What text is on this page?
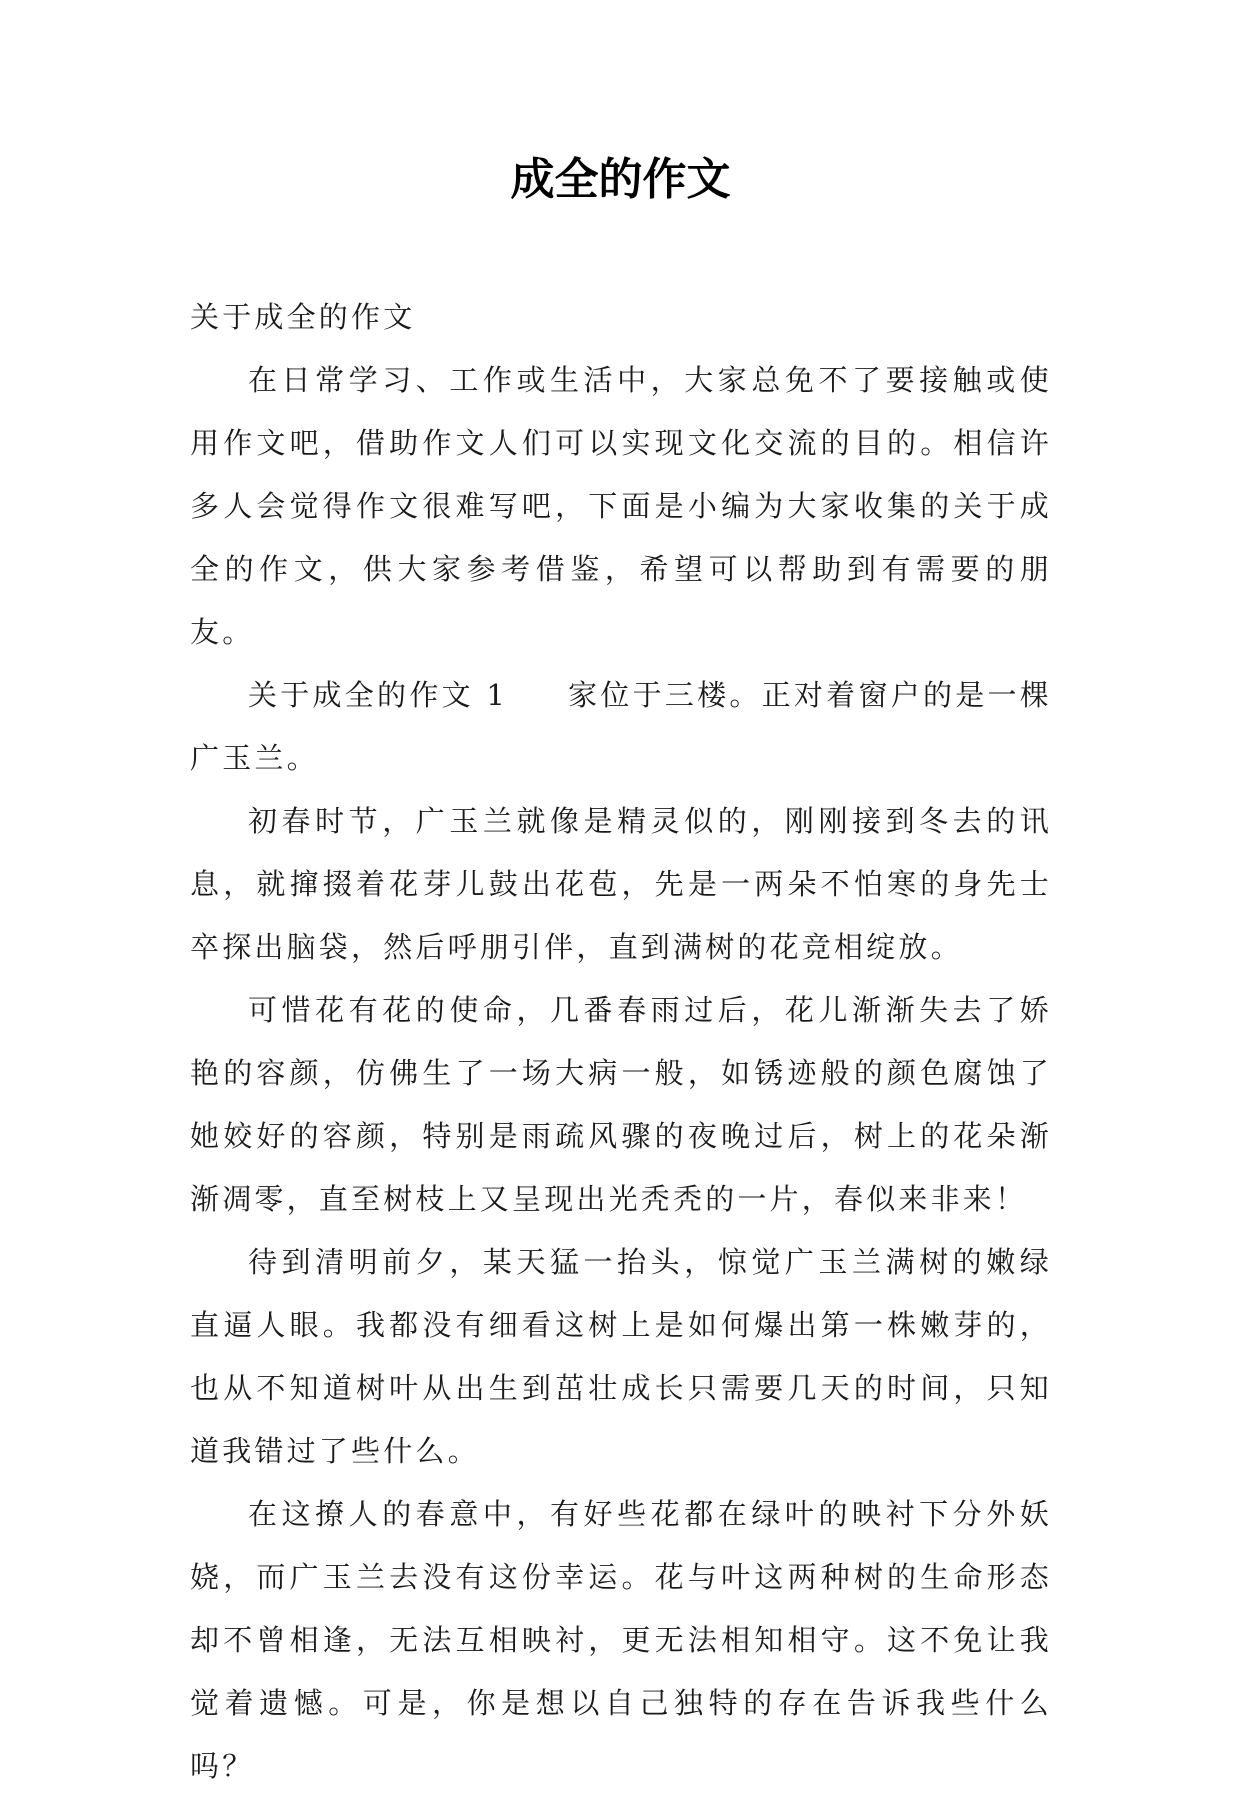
成全的作文

关于成全的作文

在日常学习、工作或生活中，大家总免不了要接触或使用作文吧，借助作文人们可以实现文化交流的目的。相信许多人会觉得作文很难写吧，下面是小编为大家收集的关于成全的作文，供大家参考借鉴，希望可以帮助到有需要的朋友。

关于成全的作文 1 家位于三楼。正对着窗户的是一棵广玉兰。

初春时节，广玉兰就像是精灵似的，刚刚接到冬去的讯息，就撺掇着花芽儿鼓出花苞，先是一两朵不怕寒的身先士卒探出脑袋，然后呼朋引伴，直到满树的花竞相绽放。

可惜花有花的使命，几番春雨过后，花儿渐渐失去了娇艳的容颜，仿佛生了一场大病一般，如锈迹般的颜色腐蚀了她姣好的容颜，特别是雨疏风骤的夜晚过后，树上的花朵渐渐凋零，直至树枝上又呈现出光秃秃的一片，春似来非来！

待到清明前夕，某天猛一抬头，惊觉广玉兰满树的嫩绿直逼人眼。我都没有细看这树上是如何爆出第一株嫩芽的，也从不知道树叶从出生到茁壮成长只需要几天的时间，只知道我错过了些什么。

在这撩人的春意中，有好些花都在绿叶的映衬下分外妖娆，而广玉兰去没有这份幸运。花与叶这两种树的生命形态却不曾相逢，无法互相映衬，更无法相知相守。这不免让我觉着遗憾。可是，你是想以自己独特的存在告诉我些什么吗？
